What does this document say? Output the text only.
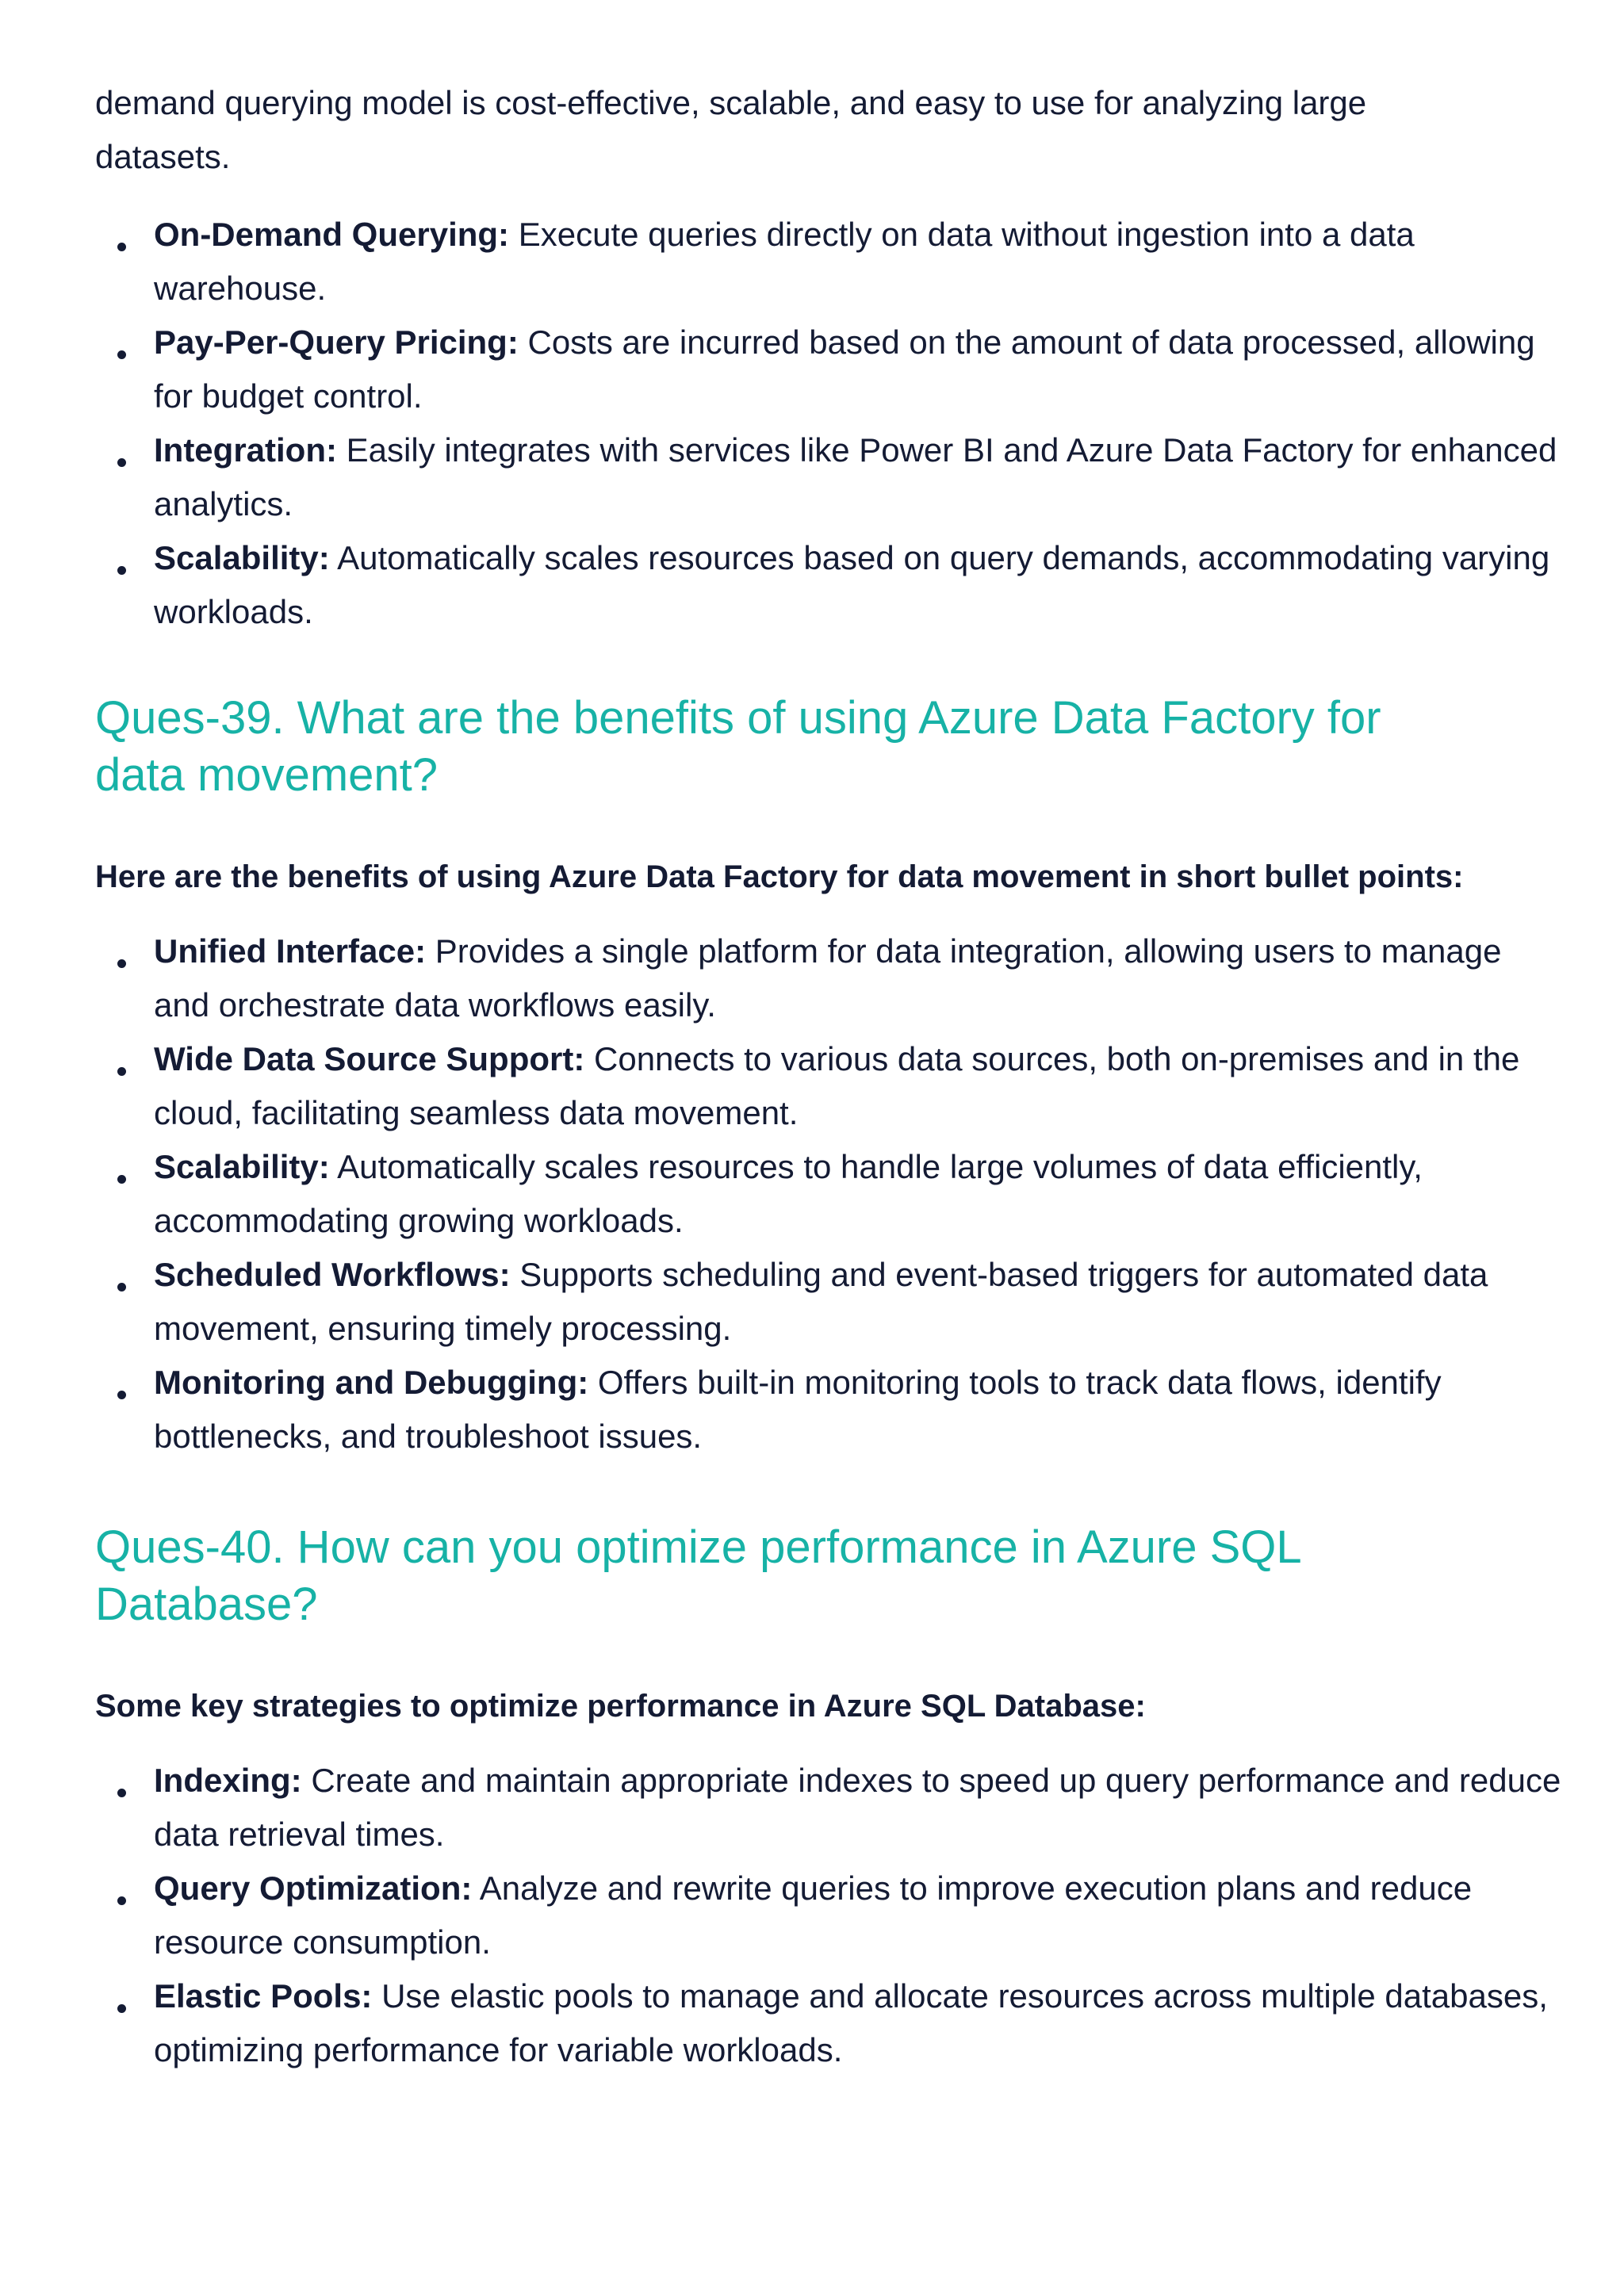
demand querying model is cost-effective, scalable, and easy to use for analyzing large
datasets.

On-Demand Querying: Execute queries directly on data without ingestion into a data warehouse.
Pay-Per-Query Pricing: Costs are incurred based on the amount of data processed, allowing for budget control.
Integration: Easily integrates with services like Power BI and Azure Data Factory for enhanced analytics.
Scalability: Automatically scales resources based on query demands, accommodating varying workloads.
Ques-39. What are the benefits of using Azure Data Factory for
data movement?

Here are the benefits of using Azure Data Factory for data movement in short bullet points:

Unified Interface: Provides a single platform for data integration, allowing users to manage and orchestrate data workflows easily.
Wide Data Source Support: Connects to various data sources, both on-premises and in the cloud, facilitating seamless data movement.
Scalability: Automatically scales resources to handle large volumes of data efficiently, accommodating growing workloads.
Scheduled Workflows: Supports scheduling and event-based triggers for automated data movement, ensuring timely processing.
Monitoring and Debugging: Offers built-in monitoring tools to track data flows, identify bottlenecks, and troubleshoot issues.
Ques-40. How can you optimize performance in Azure SQL
Database?

Some key strategies to optimize performance in Azure SQL Database:

Indexing: Create and maintain appropriate indexes to speed up query performance and reduce data retrieval times.
Query Optimization: Analyze and rewrite queries to improve execution plans and reduce resource consumption.
Elastic Pools: Use elastic pools to manage and allocate resources across multiple databases, optimizing performance for variable workloads.
